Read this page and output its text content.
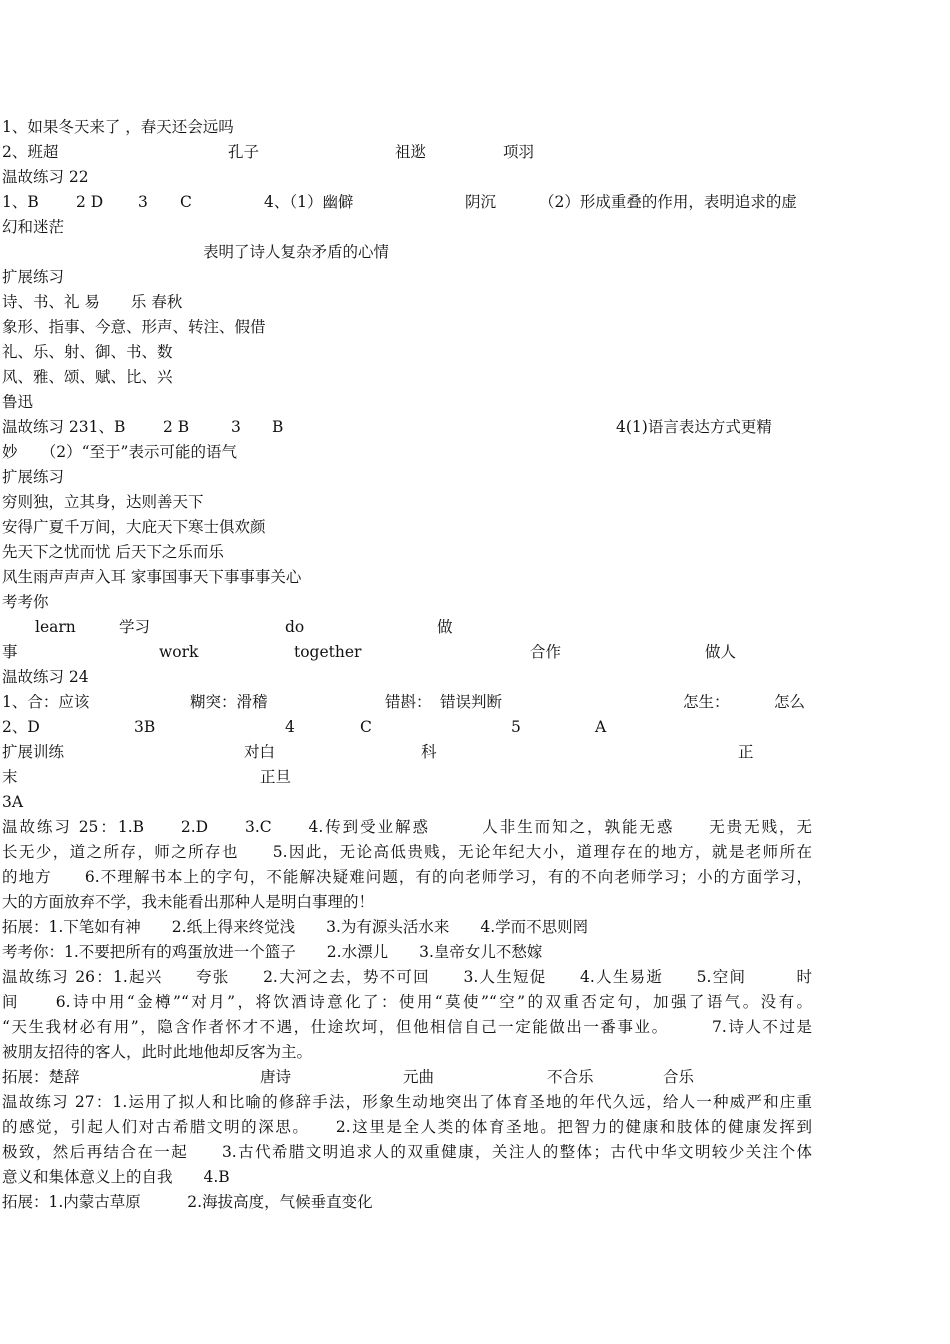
1、如果冬天来了 ，春天还会远吗
2、班超	孔子	祖逖	项羽
温故练习 22
1、B 2 D 3 C	4、（1）幽僻	阴沉	（2）形成重叠的作用，表明追求的虚
幻和迷茫
表明了诗人复杂矛盾的心情
扩展练习
诗、书、礼 易　　乐 春秋
象形、指事、今意、形声、转注、假借
礼、乐、射、御、书、数
风、雅、颂、赋、比、兴
鲁迅
温故练习 231、B 2 B	3 B	4(1)语言表达方式更精
妙　　（2）“至于”表示可能的语气
扩展练习
穷则独，立其身，达则善天下
安得广夏千万间，大庇天下寒士俱欢颜
先天下之忧而忧 后天下之乐而乐
风生雨声声声入耳 家事国事天下事事事关心
考考你
learn	学习	do	做
事	work	together	合作	做人
温故练习 24
1、合：应该	糊突：滑稽	错斟： 错误判断	怎生：	怎么
2、D	3B	4	C	5	A
扩展训练	对白	科	正
末	正旦
3A
温故练习 25：1.B　　2.D　　3.C　　4.传到受业解惑　　　人非生而知之，孰能无惑　　无贵无贱，无
长无少，道之所存，师之所存也　　5.因此，无论高低贵贱，无论年纪大小，道理存在的地方，就是老师所在
的地方　　6.不理解书本上的字句，不能解决疑难问题，有的向老师学习，有的不向老师学习；小的方面学习，
大的方面放弃不学，我未能看出那种人是明白事理的！
拓展：1.下笔如有神　　2.纸上得来终觉浅　　3.为有源头活水来　　4.学而不思则罔
考考你：1.不要把所有的鸡蛋放进一个篮子　　2.水漂儿　　3.皇帝女儿不愁嫁
温故练习 26：1.起兴　　夸张　　2.大河之去，势不可回　　3.人生短促　　4.人生易逝　　5.空间　　　时
间　　6.诗中用“金樽”“对月”，将饮酒诗意化了：使用“莫使”“空”的双重否定句，加强了语气。没有。
“天生我材必有用”，隐含作者怀才不遇，仕途坎坷，但他相信自己一定能做出一番事业。　　　7.诗人不过是
被朋友招待的客人，此时此地他却反客为主。
拓展：楚辞	唐诗	元曲	不合乐	合乐
温故练习 27：1.运用了拟人和比喻的修辞手法，形象生动地突出了体育圣地的年代久远，给人一种威严和庄重
的感觉，引起人们对古希腊文明的深思。　　2.这里是全人类的体育圣地。把智力的健康和肢体的健康发挥到
极致，然后再结合在一起　　3.古代希腊文明追求人的双重健康，关注人的整体；古代中华文明较少关注个体
意义和集体意义上的自我　　4.B
拓展：1.内蒙古草原　　　2.海拔高度，气候垂直变化
